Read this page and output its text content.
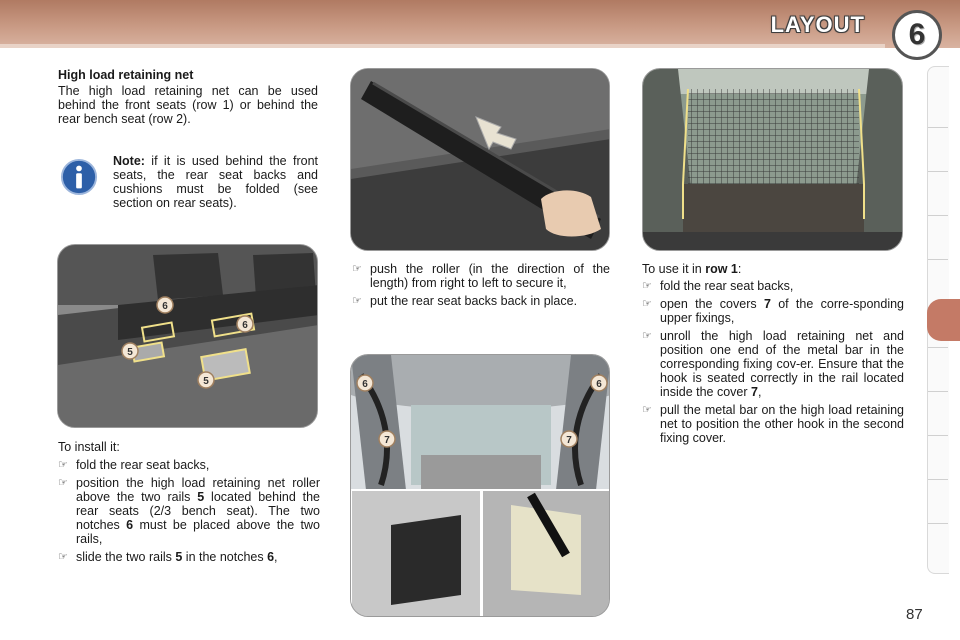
LAYOUT 6
High load retaining net
The high load retaining net can be used behind the front seats (row 1) or behind the rear bench seat (row 2).
Note: if it is used behind the front seats, the rear seat backs and cushions must be folded (see section on rear seats).
6
6
5
5
To install it:
☞ fold the rear seat backs,
☞ position the high load retaining net roller above the two rails 5 located behind the rear seats (2/3 bench seat). The two notches 6 must be placed above the two rails,
☞ slide the two rails 5 in the notches 6,
☞ push the roller (in the direction of the length) from right to left to secure it,
☞ put the rear seat backs back in place.
6	6
7	7
To use it in row 1:
☞ fold the rear seat backs,
☞ open the covers 7 of the corre-sponding upper fixings,
☞ unroll the high load retaining net and position one end of the metal bar in the corresponding fixing cov-er. Ensure that the hook is seated correctly in the rail located inside the cover 7,
☞ pull the metal bar on the high load retaining net to position the other hook in the second fixing cover.
87
